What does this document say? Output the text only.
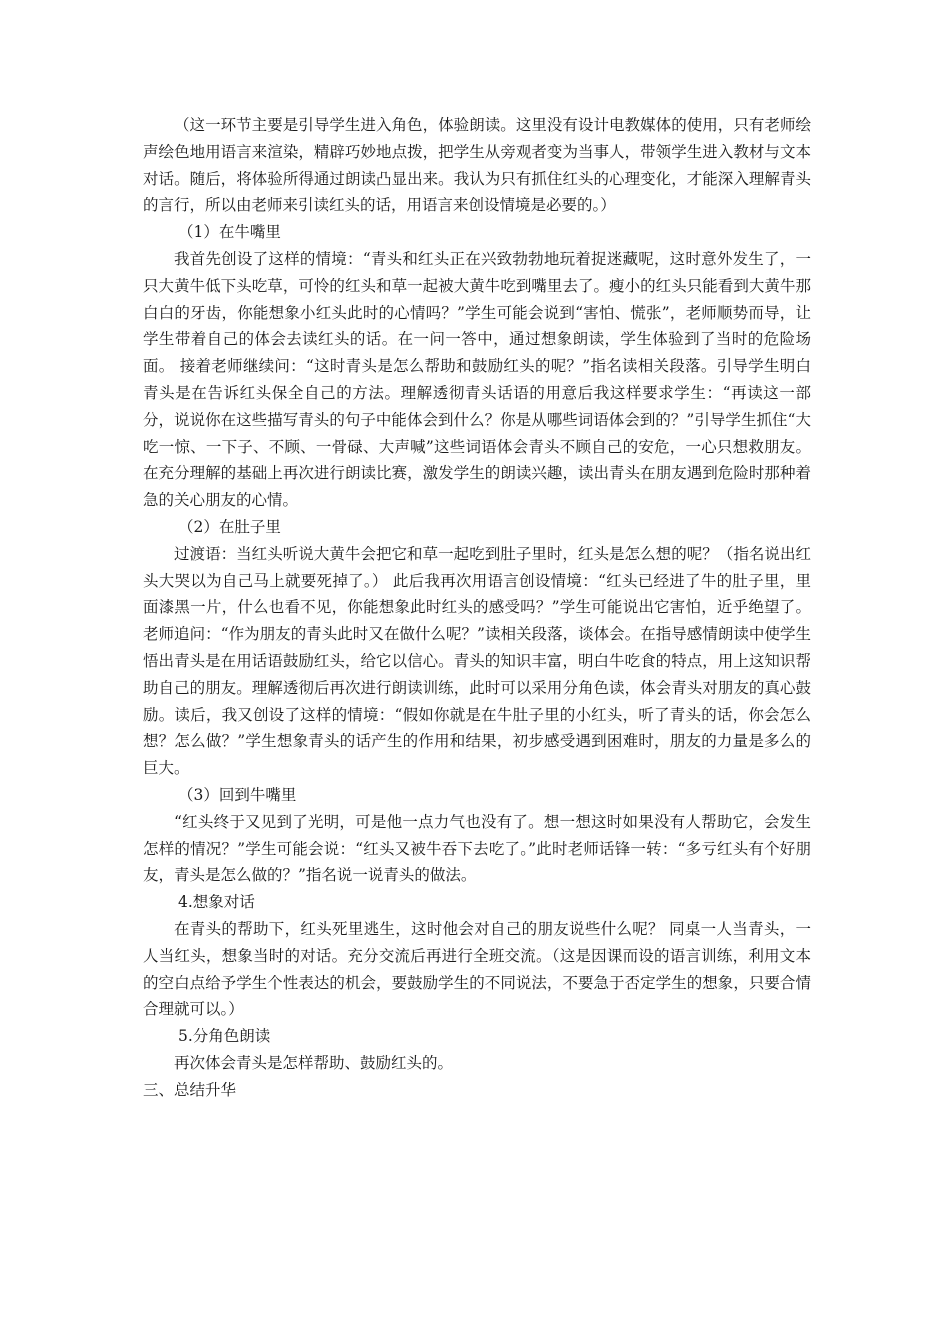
（这一环节主要是引导学生进入角色，体验朗读。这里没有设计电教媒体的使用，只有老师绘声绘色地用语言来渲染，精辟巧妙地点拨，把学生从旁观者变为当事人，带领学生进入教材与文本对话。随后，将体验所得通过朗读凸显出来。我认为只有抓住红头的心理变化，才能深入理解青头的言行，所以由老师来引读红头的话，用语言来创设情境是必要的。）

（1）在牛嘴里

我首先创设了这样的情境：“青头和红头正在兴致勃勃地玩着捉迷藏呢，这时意外发生了，一只大黄牛低下头吃草，可怜的红头和草一起被大黄牛吃到嘴里去了。瘦小的红头只能看到大黄牛那白白的牙齿，你能想象小红头此时的心情吗？”学生可能会说到“害怕、慌张”，老师顺势而导，让学生带着自己的体会去读红头的话。在一问一答中，通过想象朗读，学生体验到了当时的危险场面。 接着老师继续问：“这时青头是怎么帮助和鼓励红头的呢？”指名读相关段落。引导学生明白青头是在告诉红头保全自己的方法。理解透彻青头话语的用意后我这样要求学生：“再读这一部分，说说你在这些描写青头的句子中能体会到什么？你是从哪些词语体会到的？”引导学生抓住“大吃一惊、一下子、不顾、一骨碌、大声喊”这些词语体会青头不顾自己的安危，一心只想救朋友。在充分理解的基础上再次进行朗读比赛，激发学生的朗读兴趣，读出青头在朋友遇到危险时那种着急的关心朋友的心情。

（2）在肚子里

过渡语：当红头听说大黄牛会把它和草一起吃到肚子里时，红头是怎么想的呢？（指名说出红头大哭以为自己马上就要死掉了。） 此后我再次用语言创设情境：“红头已经进了牛的肚子里，里面漆黑一片，什么也看不见，你能想象此时红头的感受吗？”学生可能说出它害怕，近乎绝望了。老师追问：“作为朋友的青头此时又在做什么呢？”读相关段落，谈体会。在指导感情朗读中使学生悟出青头是在用话语鼓励红头，给它以信心。青头的知识丰富，明白牛吃食的特点，用上这知识帮助自己的朋友。理解透彻后再次进行朗读训练，此时可以采用分角色读，体会青头对朋友的真心鼓励。读后，我又创设了这样的情境：“假如你就是在牛肚子里的小红头，听了青头的话，你会怎么想？怎么做？”学生想象青头的话产生的作用和结果，初步感受遇到困难时，朋友的力量是多么的巨大。

（3）回到牛嘴里

“红头终于又见到了光明，可是他一点力气也没有了。想一想这时如果没有人帮助它，会发生怎样的情况？”学生可能会说：“红头又被牛吞下去吃了。”此时老师话锋一转：“多亏红头有个好朋友，青头是怎么做的？”指名说一说青头的做法。

4.想象对话

在青头的帮助下，红头死里逃生，这时他会对自己的朋友说些什么呢？ 同桌一人当青头，一人当红头，想象当时的对话。充分交流后再进行全班交流。（这是因课而设的语言训练，利用文本的空白点给予学生个性表达的机会，要鼓励学生的不同说法，不要急于否定学生的想象，只要合情合理就可以。）

5.分角色朗读

再次体会青头是怎样帮助、鼓励红头的。

三、总结升华
